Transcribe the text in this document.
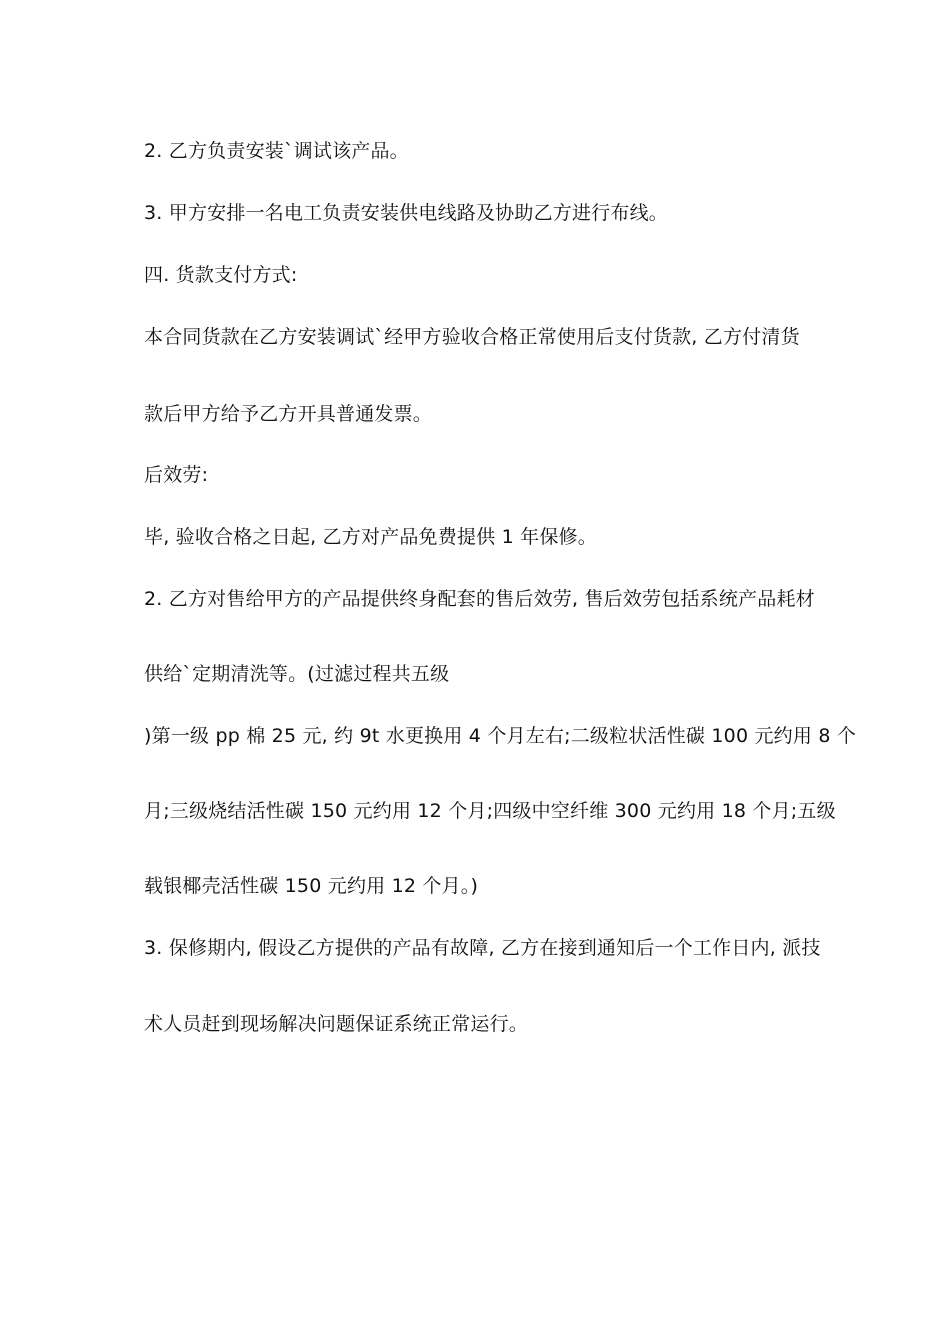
2. 乙方负责安装`调试该产品。
3. 甲方安排一名电工负责安装供电线路及协助乙方进行布线。
四. 货款支付方式:
本合同货款在乙方安装调试`经甲方验收合格正常使用后支付货款, 乙方付清货
款后甲方给予乙方开具普通发票。
后效劳:
毕, 验收合格之日起, 乙方对产品免费提供 1 年保修。
2. 乙方对售给甲方的产品提供终身配套的售后效劳, 售后效劳包括系统产品耗材
供给`定期清洗等。(过滤过程共五级
)第一级 pp 棉 25 元, 约 9t 水更换用 4 个月左右;二级粒状活性碳 100 元约用 8 个
月;三级烧结活性碳 150 元约用 12 个月;四级中空纤维 300 元约用 18 个月;五级
载银椰壳活性碳 150 元约用 12 个月。)
3. 保修期内, 假设乙方提供的产品有故障, 乙方在接到通知后一个工作日内, 派技
术人员赶到现场解决问题保证系统正常运行。
